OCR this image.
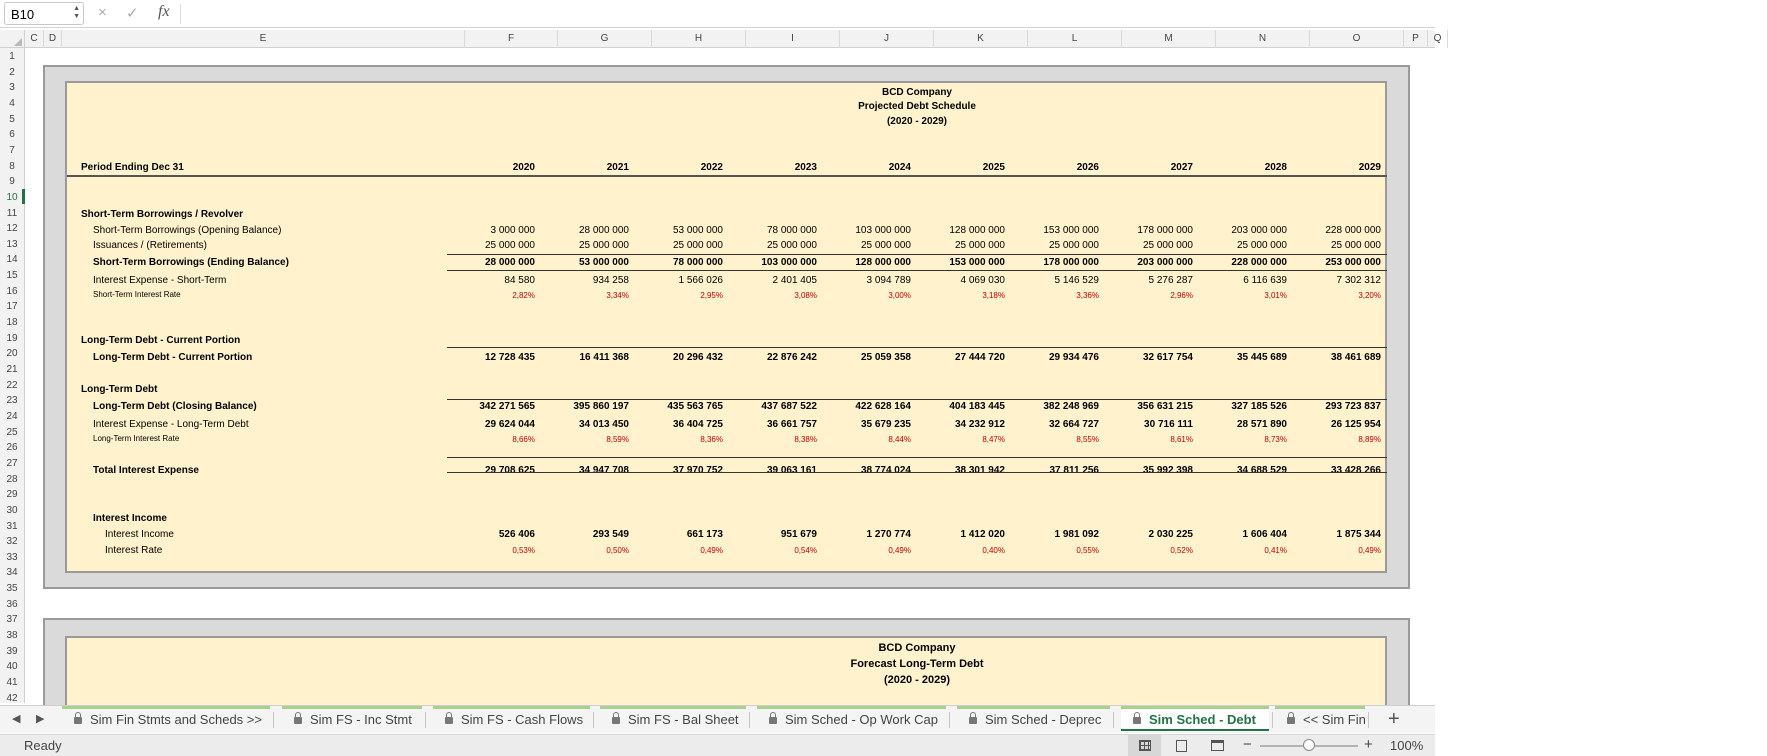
B10	▲
▼ × ✓ fx
C	D	E	F	G	H	I	J	K	L	M	N	O	P	Q
1
2
3
4
5
6
7
8
9
10
11
12
13
14
15
16
17
18
19
20
21
22
23
24
25
26
27
28
29
30
31
32
33
34
35
36
37
38
39
40
41
42
BCD Company
Projected Debt Schedule
(2020 - 2029)
Period Ending Dec 31	2020	2021	2022	2023	2024	2025	2026	2027	2028	2029
Short-Term Borrowings / Revolver
Long-Term Debt - Current Portion
Long-Term Debt
Interest Income
Short-Term Borrowings (Opening Balance)	3 000 000	28 000 000	53 000 000	78 000 000	103 000 000	128 000 000	153 000 000	178 000 000	203 000 000	228 000 000
Issuances / (Retirements)	25 000 000	25 000 000	25 000 000	25 000 000	25 000 000	25 000 000	25 000 000	25 000 000	25 000 000	25 000 000
Short-Term Borrowings (Ending Balance)	28 000 000	53 000 000	78 000 000	103 000 000	128 000 000	153 000 000	178 000 000	203 000 000	228 000 000	253 000 000
Interest Expense - Short-Term	84 580	934 258	1 566 026	2 401 405	3 094 789	4 069 030	5 146 529	5 276 287	6 116 639	7 302 312
Short-Term Interest Rate	2,82%	3,34%	2,95%	3,08%	3,00%	3,18%	3,36%	2,96%	3,01%	3,20%
Long-Term Debt - Current Portion	12 728 435	16 411 368	20 296 432	22 876 242	25 059 358	27 444 720	29 934 476	32 617 754	35 445 689	38 461 689
Long-Term Debt (Closing Balance)	342 271 565	395 860 197	435 563 765	437 687 522	422 628 164	404 183 445	382 248 969	356 631 215	327 185 526	293 723 837
Interest Expense - Long-Term Debt	29 624 044	34 013 450	36 404 725	36 661 757	35 679 235	34 232 912	32 664 727	30 716 111	28 571 890	26 125 954
Long-Term Interest Rate	8,66%	8,59%	8,36%	8,38%	8,44%	8,47%	8,55%	8,61%	8,73%	8,89%
Total Interest Expense	29 708 625	34 947 708	37 970 752	39 063 161	38 774 024	38 301 942	37 811 256	35 992 398	34 688 529	33 428 266
Interest Income	526 406	293 549	661 173	951 679	1 270 774	1 412 020	1 981 092	2 030 225	1 606 404	1 875 344
Interest Rate	0,53%	0,50%	0,49%	0,54%	0,49%	0,40%	0,55%	0,52%	0,41%	0,49%
BCD Company
Forecast Long-Term Debt
(2020 - 2029)
◀ ▶	+
Sim Fin Stmts and Scheds >>	Sim FS - Inc Stmt	Sim FS - Cash Flows	Sim FS - Bal Sheet	Sim Sched - Op Work Cap	Sim Sched - Deprec	Sim Sched - Debt	<< Sim Fin
Ready	−	+ 100%
